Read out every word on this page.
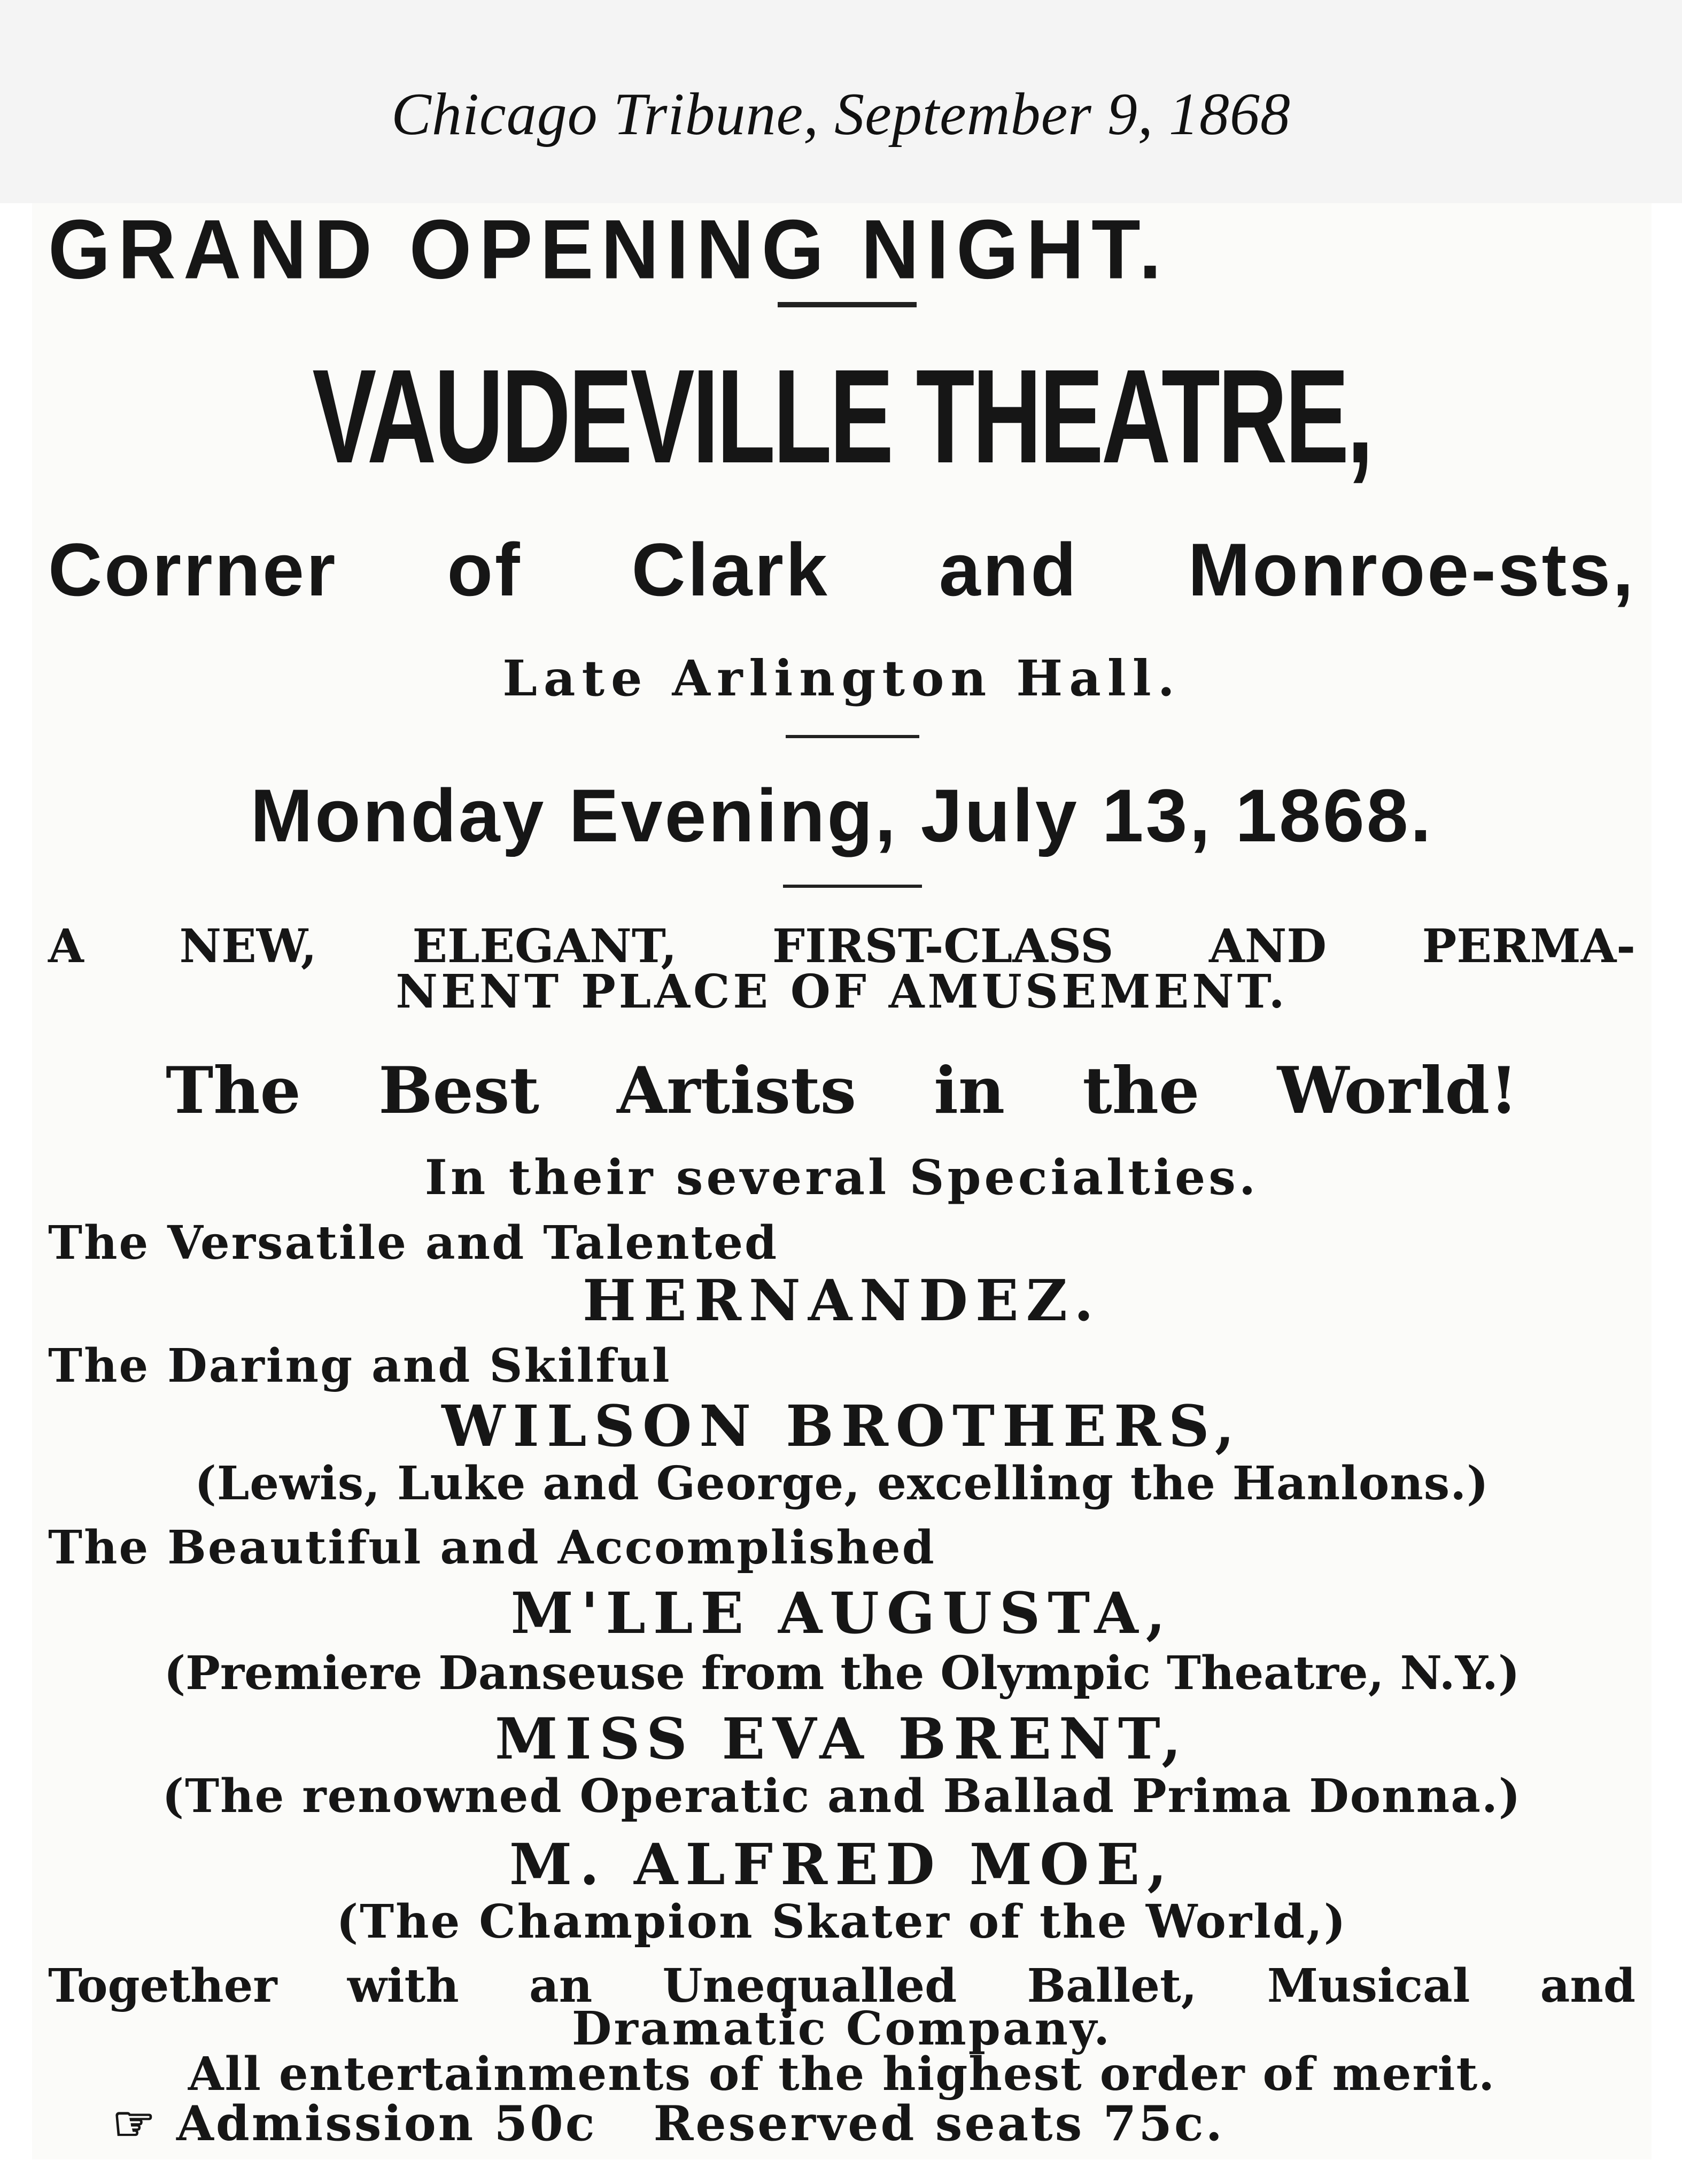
Chicago Tribune, September 9, 1868
GRAND OPENING NIGHT.
VAUDEVILLE THEATRE,
Corrner of Clark and Monroe-sts,
Late Arlington Hall.
Monday Evening, July 13, 1868.
A NEW, ELEGANT, FIRST-CLASS AND PERMA-
NENT PLACE OF AMUSEMENT.
The Best Artists in the World!
In their several Specialties.
The Versatile and Talented
HERNANDEZ.
The Daring and Skilful
WILSON BROTHERS,
(Lewis, Luke and George, excelling the Hanlons.)
The Beautiful and Accomplished
M'LLE AUGUSTA,
(Premiere Danseuse from the Olympic Theatre, N.Y.)
MISS EVA BRENT,
(The renowned Operatic and Ballad Prima Donna.)
M. ALFRED MOE,
(The Champion Skater of the World,)
Together with an Unequalled Ballet, Musical and
Dramatic Company.
All entertainments of the highest order of merit.
☞ Admission 50c   Reserved seats 75c.
